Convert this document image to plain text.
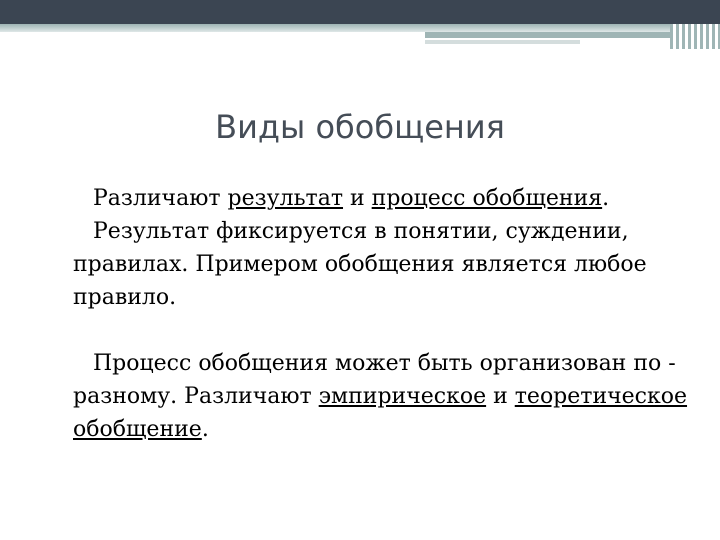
Виды обобщения

Различают результат и процесс обобщения.

Результат фиксируется в понятии, суждении, правилах. Примером обобщения является любое правило.

Процесс обобщения может быть организован по - разному. Различают эмпирическое и теоретическое обобщение.
